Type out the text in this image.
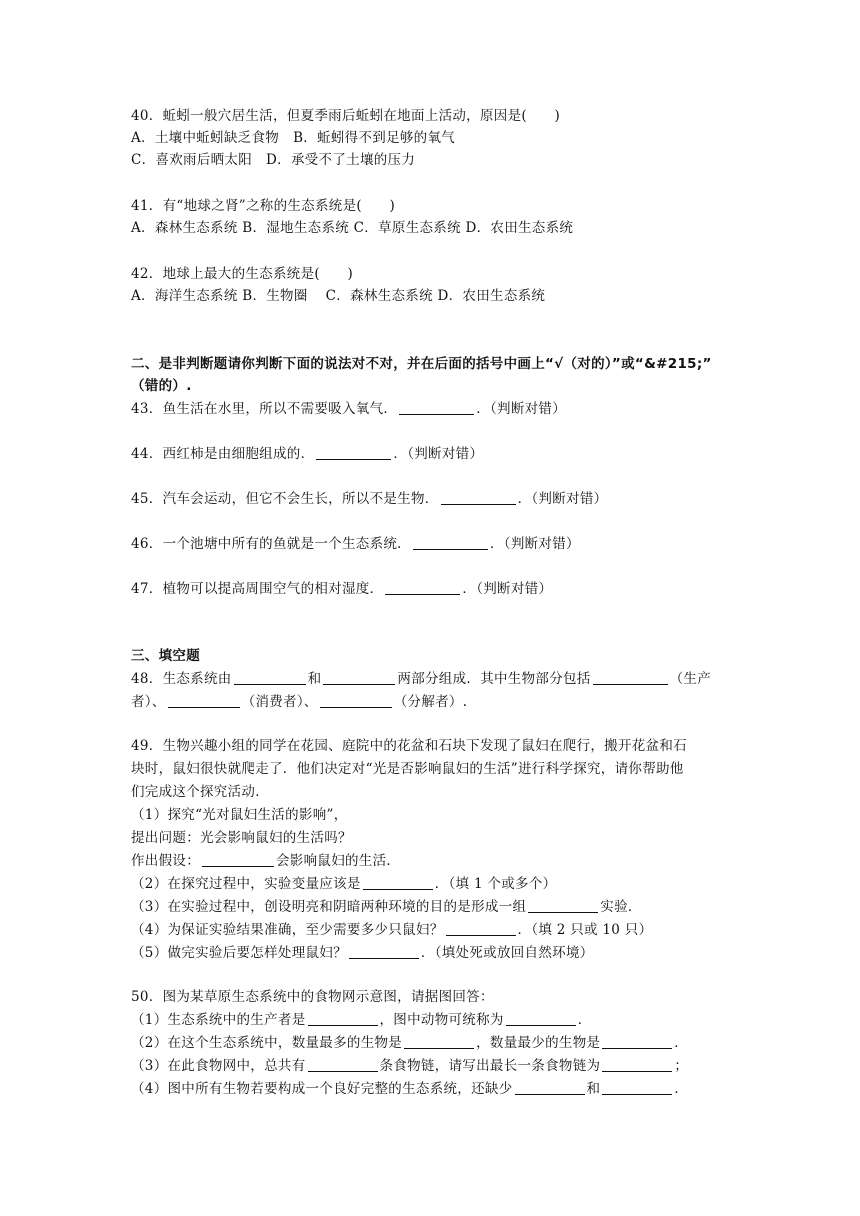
40．蚯蚓一般穴居生活，但夏季雨后蚯蚓在地面上活动，原因是(　　)
A．土壤中蚯蚓缺乏食物 B．蚯蚓得不到足够的氧气
C．喜欢雨后晒太阳 D．承受不了土壤的压力
41．有“地球之肾”之称的生态系统是(　　)
A．森林生态系统 B．湿地生态系统 C．草原生态系统 D．农田生态系统
42．地球上最大的生态系统是(　　)
A．海洋生态系统 B．生物圈 C．森林生态系统 D．农田生态系统
二、是非判断题请你判断下面的说法对不对，并在后面的括号中画上“√（对的）”或“&#215;”
（错的）.
43．鱼生活在水里，所以不需要吸入氧气．	．（判断对错）
44．西红柿是由细胞组成的．	．（判断对错）
45．汽车会运动，但它不会生长，所以不是生物．	．（判断对错）
46．一个池塘中所有的鱼就是一个生态系统．	．（判断对错）
47．植物可以提高周围空气的相对湿度．	．（判断对错）
三、填空题
48．生态系统由	和	两部分组成．其中生物部分包括	（生产
者）、	（消费者）、	（分解者）.
49．生物兴趣小组的同学在花园、庭院中的花盆和石块下发现了鼠妇在爬行，搬开花盆和石
块时，鼠妇很快就爬走了．他们决定对“光是否影响鼠妇的生活”进行科学探究，请你帮助他
们完成这个探究活动．
（1）探究“光对鼠妇生活的影响”，
提出问题：光会影响鼠妇的生活吗？
作出假设：	会影响鼠妇的生活．
（2）在探究过程中，实验变量应该是	．（填 1 个或多个）
（3）在实验过程中，创设明亮和阴暗两种环境的目的是形成一组	实验．
（4）为保证实验结果准确，至少需要多少只鼠妇？	．（填 2 只或 10 只）
（5）做完实验后要怎样处理鼠妇？	．（填处死或放回自然环境）
50．图为某草原生态系统中的食物网示意图，请据图回答：
（1）生态系统中的生产者是	，图中动物可统称为	．
（2）在这个生态系统中，数量最多的生物是	，数量最少的生物是	．
（3）在此食物网中，总共有	条食物链，请写出最长一条食物链为	；
（4）图中所有生物若要构成一个良好完整的生态系统，还缺少	和	．
